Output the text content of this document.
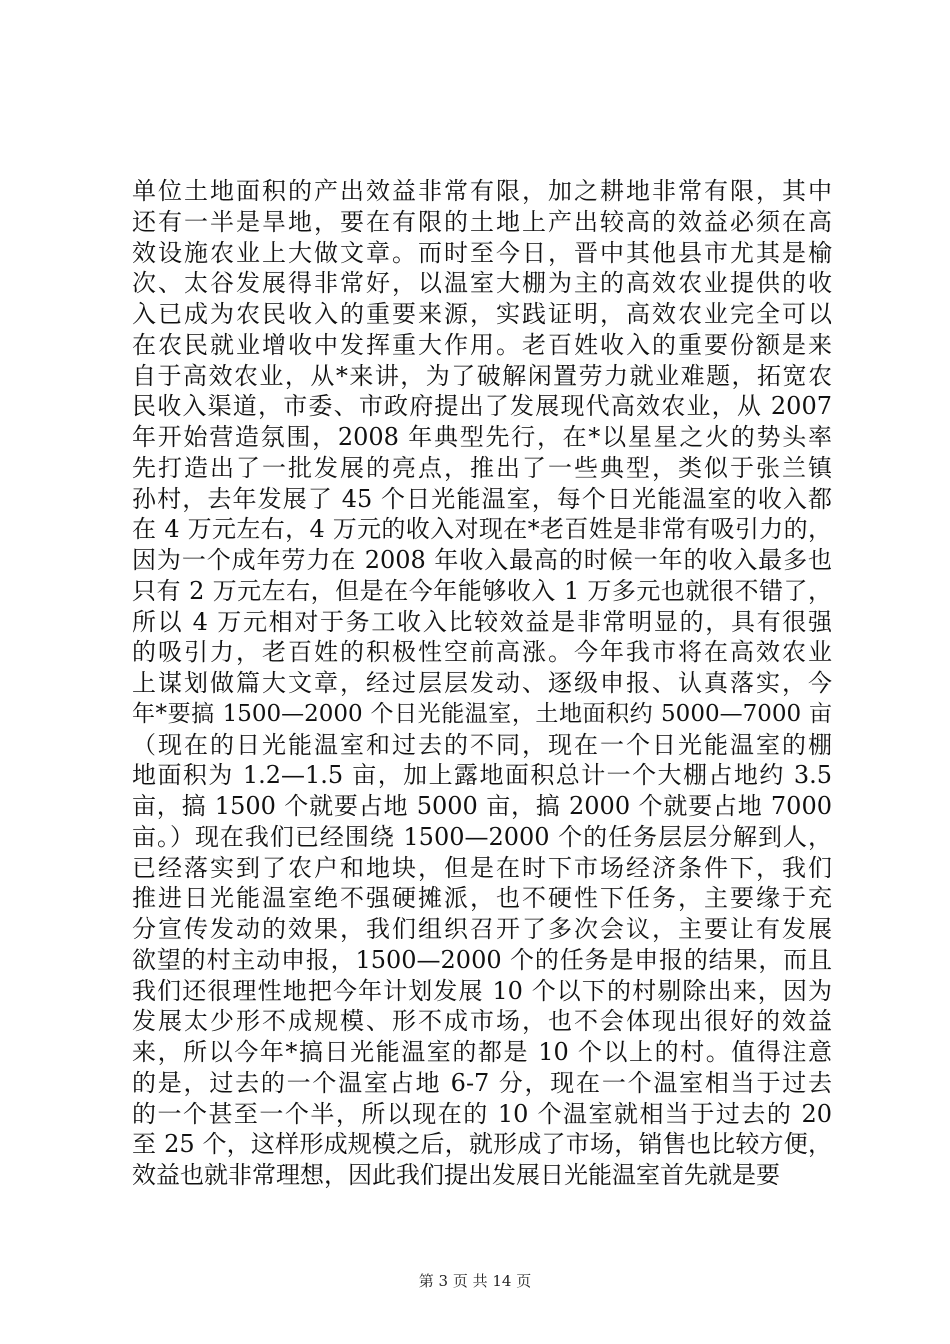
单位土地面积的产出效益非常有限，加之耕地非常有限，其中
还有一半是旱地，要在有限的土地上产出较高的效益必须在高
效设施农业上大做文章。而时至今日，晋中其他县市尤其是榆
次、太谷发展得非常好，以温室大棚为主的高效农业提供的收
入已成为农民收入的重要来源，实践证明，高效农业完全可以
在农民就业增收中发挥重大作用。老百姓收入的重要份额是来
自于高效农业，从*来讲，为了破解闲置劳力就业难题，拓宽农
民收入渠道，市委、市政府提出了发展现代高效农业，从 2007
年开始营造氛围，2008 年典型先行，在*以星星之火的势头率
先打造出了一批发展的亮点，推出了一些典型，类似于张兰镇
孙村，去年发展了 45 个日光能温室，每个日光能温室的收入都
在 4 万元左右，4 万元的收入对现在*老百姓是非常有吸引力的，
因为一个成年劳力在 2008 年收入最高的时候一年的收入最多也
只有 2 万元左右，但是在今年能够收入 1 万多元也就很不错了，
所以 4 万元相对于务工收入比较效益是非常明显的，具有很强
的吸引力，老百姓的积极性空前高涨。今年我市将在高效农业
上谋划做篇大文章，经过层层发动、逐级申报、认真落实，今
年*要搞 1500—2000 个日光能温室，土地面积约 5000—7000 亩
（现在的日光能温室和过去的不同，现在一个日光能温室的棚
地面积为 1.2—1.5 亩，加上露地面积总计一个大棚占地约 3.5
亩，搞 1500 个就要占地 5000 亩，搞 2000 个就要占地 7000
亩。）现在我们已经围绕 1500—2000 个的任务层层分解到人，
已经落实到了农户和地块，但是在时下市场经济条件下，我们
推进日光能温室绝不强硬摊派，也不硬性下任务，主要缘于充
分宣传发动的效果，我们组织召开了多次会议，主要让有发展
欲望的村主动申报，1500—2000 个的任务是申报的结果，而且
我们还很理性地把今年计划发展 10 个以下的村剔除出来，因为
发展太少形不成规模、形不成市场，也不会体现出很好的效益
来，所以今年*搞日光能温室的都是 10 个以上的村。值得注意
的是，过去的一个温室占地 6-7 分，现在一个温室相当于过去
的一个甚至一个半，所以现在的 10 个温室就相当于过去的 20
至 25 个，这样形成规模之后，就形成了市场，销售也比较方便，
效益也就非常理想，因此我们提出发展日光能温室首先就是要
第 3 页 共 14 页
